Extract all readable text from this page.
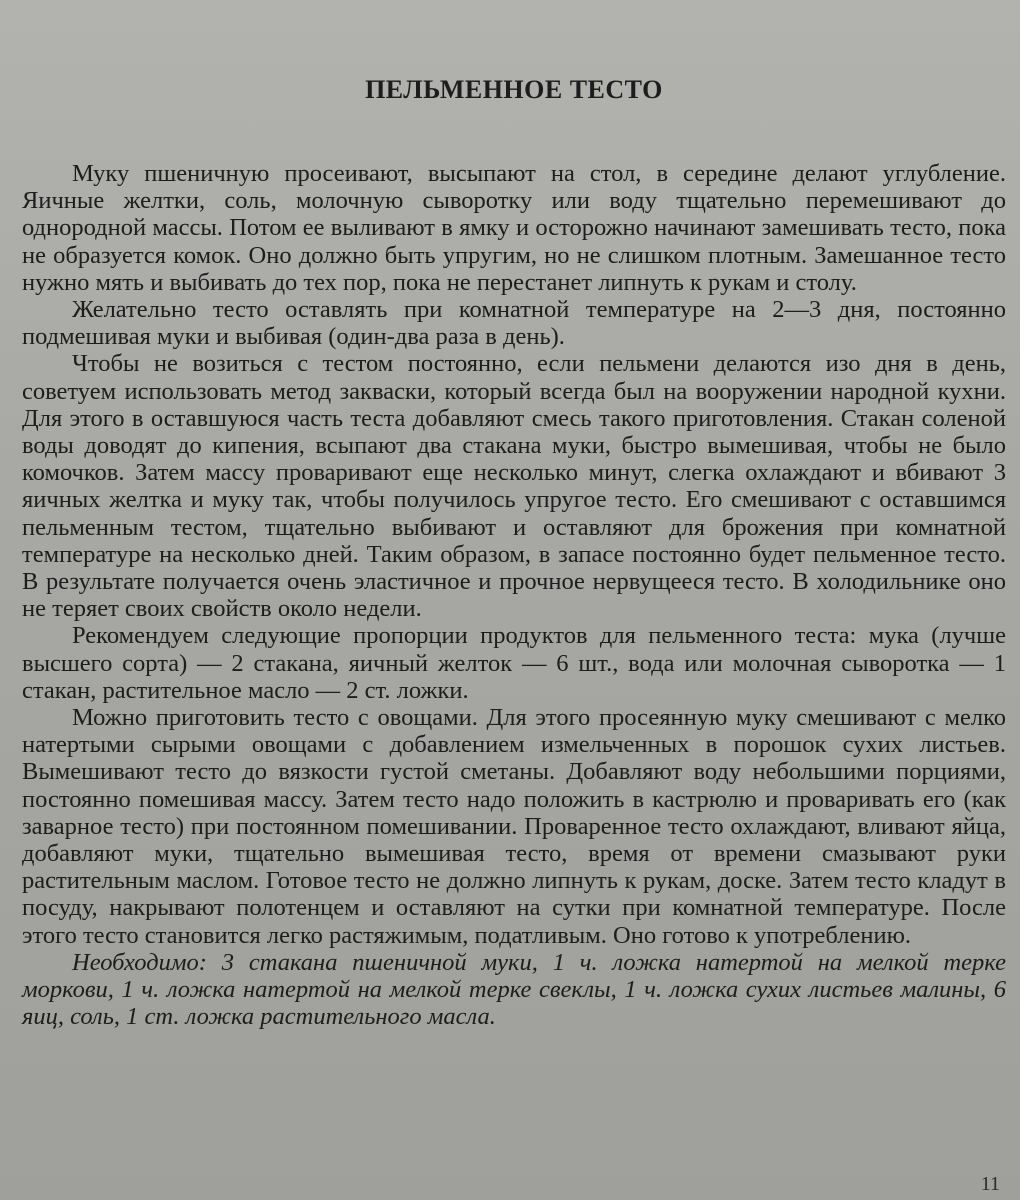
ПЕЛЬМЕННОЕ ТЕСТО

Муку пшеничную просеивают, высыпают на стол, в середине делают углубление. Яичные желтки, соль, молочную сыворотку или воду тщательно перемешивают до однородной массы. Потом ее выливают в ямку и осторожно начинают замешивать тесто, пока не образуется комок. Оно должно быть упругим, но не слишком плотным. Замешанное тесто нужно мять и выбивать до тех пор, пока не перестанет липнуть к рукам и столу.

Желательно тесто оставлять при комнатной температуре на 2—3 дня, постоянно подмешивая муки и выбивая (один-два раза в день).

Чтобы не возиться с тестом постоянно, если пельмени делаются изо дня в день, советуем использовать метод закваски, который всегда был на вооружении народной кухни. Для этого в оставшуюся часть теста добавляют смесь такого приготовления. Стакан соленой воды доводят до кипения, всыпают два стакана муки, быстро вымешивая, чтобы не было комочков. Затем массу проваривают еще несколько минут, слегка охлаждают и вбивают 3 яичных желтка и муку так, чтобы получилось упругое тесто. Его смешивают с оставшимся пельменным тестом, тщательно выбивают и оставляют для брожения при комнатной температуре на несколько дней. Таким образом, в запасе постоянно будет пельменное тесто. В результате получается очень эластичное и прочное нервущееся тесто. В холодильнике оно не теряет своих свойств около недели.

Рекомендуем следующие пропорции продуктов для пельменного теста: мука (лучше высшего сорта) — 2 стакана, яичный желток — 6 шт., вода или молочная сыворотка — 1 стакан, растительное масло — 2 ст. ложки.

Можно приготовить тесто с овощами. Для этого просеянную муку смешивают с мелко натертыми сырыми овощами с добавлением измельченных в порошок сухих листьев. Вымешивают тесто до вязкости густой сметаны. Добавляют воду небольшими порциями, постоянно помешивая массу. Затем тесто надо положить в кастрюлю и проваривать его (как заварное тесто) при постоянном помешивании. Проваренное тесто охлаждают, вливают яйца, добавляют муки, тщательно вымешивая тесто, время от времени смазывают руки растительным маслом. Готовое тесто не должно липнуть к рукам, доске. Затем тесто кладут в посуду, накрывают полотенцем и оставляют на сутки при комнатной температуре. После этого тесто становится легко растяжимым, податливым. Оно готово к употреблению.

Необходимо: 3 стакана пшеничной муки, 1 ч. ложка натертой на мелкой терке моркови, 1 ч. ложка натертой на мелкой терке свеклы, 1 ч. ложка сухих листьев малины, 6 яиц, соль, 1 ст. ложка растительного масла.

11
